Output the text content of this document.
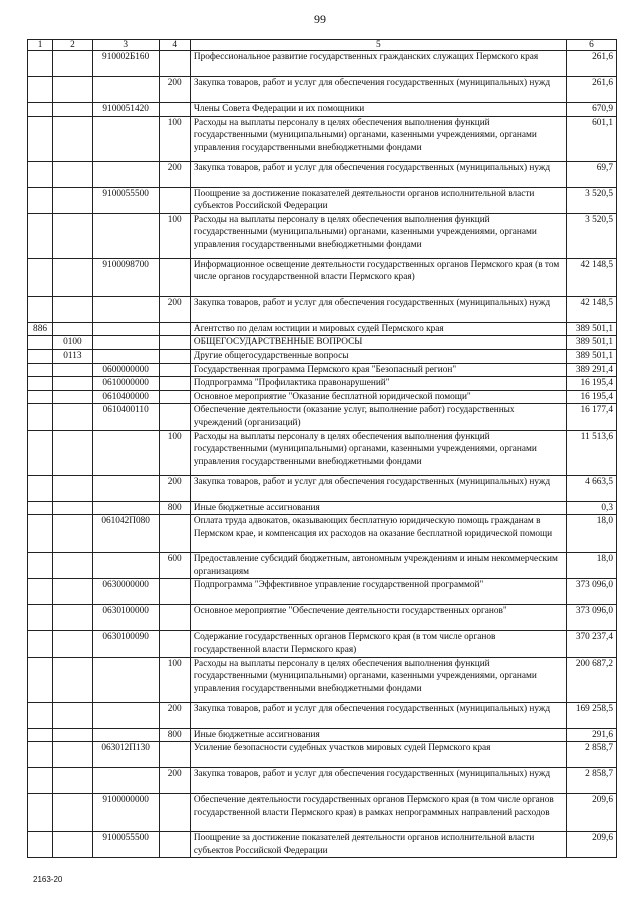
99
1	2	3	4	5	6
		910002Б160		Профессиональное развитие государственных гражданских служащих Пермского края	261,6
			200	Закупка товаров, работ и услуг для обеспечения государственных (муниципальных) нужд	261,6
		9100051420		Члены Совета Федерации и их помощники	670,9
			100	Расходы на выплаты персоналу в целях обеспечения выполнения функций государственными (муниципальными) органами, казенными учреждениями, органами управления государственными внебюджетными фондами	601,1
			200	Закупка товаров, работ и услуг для обеспечения государственных (муниципальных) нужд	69,7
		9100055500		Поощрение за достижение показателей деятельности органов исполнительной власти субъектов Российской Федерации	3 520,5
			100	Расходы на выплаты персоналу в целях обеспечения выполнения функций государственными (муниципальными) органами, казенными учреждениями, органами управления государственными внебюджетными фондами	3 520,5
		9100098700		Информационное освещение деятельности государственных органов Пермского края (в том числе органов государственной власти Пермского края)	42 148,5
			200	Закупка товаров, работ и услуг для обеспечения государственных (муниципальных) нужд	42 148,5
886				Агентство по делам юстиции и мировых судей Пермского края	389 501,1
	0100			ОБЩЕГОСУДАРСТВЕННЫЕ ВОПРОСЫ	389 501,1
	0113			Другие общегосударственные вопросы	389 501,1
		0600000000		Государственная программа Пермского края "Безопасный регион"	389 291,4
		0610000000		Подпрограмма "Профилактика правонарушений"	16 195,4
		0610400000		Основное мероприятие "Оказание бесплатной юридической помощи"	16 195,4
		0610400110		Обеспечение деятельности (оказание услуг, выполнение работ) государственных учреждений (организаций)	16 177,4
			100	Расходы на выплаты персоналу в целях обеспечения выполнения функций государственными (муниципальными) органами, казенными учреждениями, органами управления государственными внебюджетными фондами	11 513,6
			200	Закупка товаров, работ и услуг для обеспечения государственных (муниципальных) нужд	4 663,5
			800	Иные бюджетные ассигнования	0,3
		061042П080		Оплата труда адвокатов, оказывающих бесплатную юридическую помощь гражданам в Пермском крае, и компенсация их расходов на оказание бесплатной юридической помощи	18,0
			600	Предоставление субсидий бюджетным, автономным учреждениям и иным некоммерческим организациям	18,0
		0630000000		Подпрограмма "Эффективное управление государственной программой"	373 096,0
		0630100000		Основное мероприятие "Обеспечение деятельности государственных органов"	373 096,0
		0630100090		Содержание государственных органов Пермского края (в том числе органов государственной власти Пермского края)	370 237,4
			100	Расходы на выплаты персоналу в целях обеспечения выполнения функций государственными (муниципальными) органами, казенными учреждениями, органами управления государственными внебюджетными фондами	200 687,2
			200	Закупка товаров, работ и услуг для обеспечения государственных (муниципальных) нужд	169 258,5
			800	Иные бюджетные ассигнования	291,6
		063012П130		Усиление безопасности судебных участков мировых судей Пермского края	2 858,7
			200	Закупка товаров, работ и услуг для обеспечения государственных (муниципальных) нужд	2 858,7
		9100000000		Обеспечение деятельности государственных органов Пермского края (в том числе органов государственной власти Пермского края) в рамках непрограммных направлений расходов	209,6
		9100055500		Поощрение за достижение показателей деятельности органов исполнительной власти субъектов Российской Федерации	209,6
2163-20
